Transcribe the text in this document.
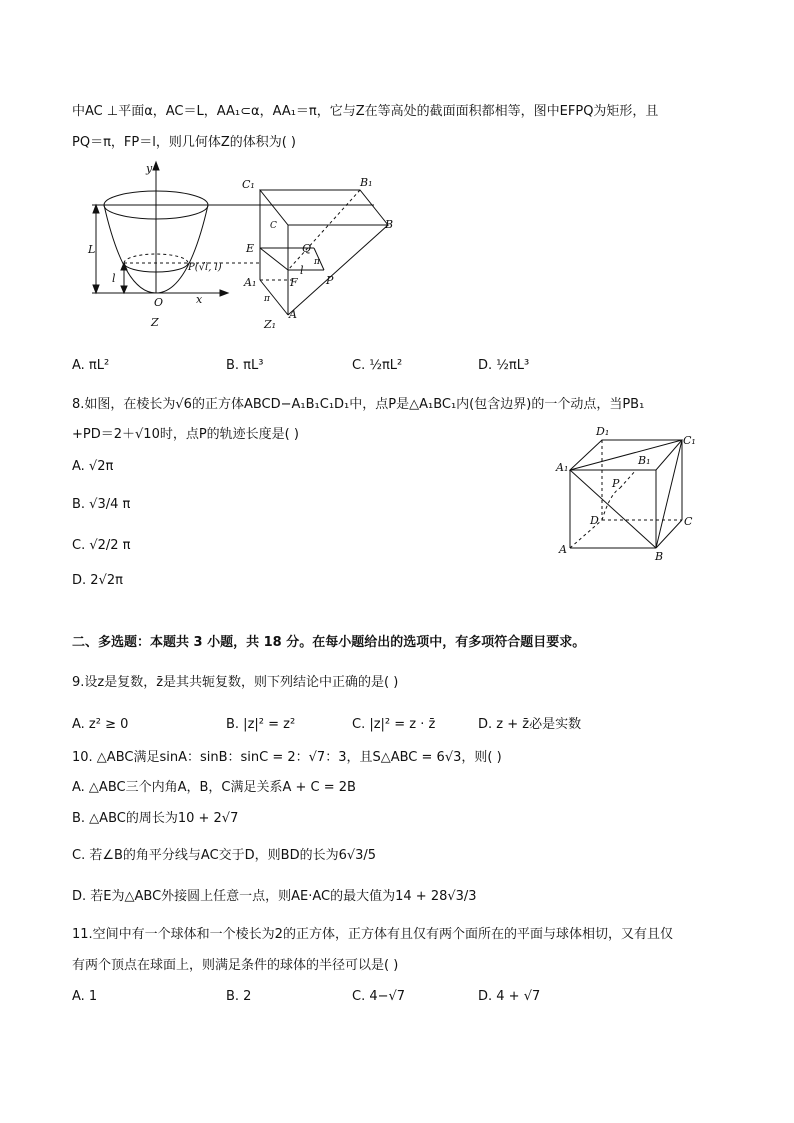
中AC ⊥平面α，AC＝L，AA₁⊂α，AA₁＝π，它与Z在等高处的截面面积都相等，图中EFPQ为矩形，且
PQ＝π，FP＝l，则几何体Z的体积为( )
y
x
O
L
l
P(√l, l)
Z	Z₁
C₁	B₁
C	B
E	Q
π
A₁	F
l
P
π
A
A. πL²	B. πL³	C. ½πL²	D. ½πL³
8.如图，在棱长为√6的正方体ABCD−A₁B₁C₁D₁中，点P是△A₁BC₁内(包含边界)的一个动点，当PB₁
+PD＝2＋√10时，点P的轨迹长度是( )
A. √2π
B. √3/4 π
C. √2/2 π
D. 2√2π
D₁
C₁
A₁
B₁
P
D	C
A
B
二、多选题：本题共 3 小题，共 18 分。在每小题给出的选项中，有多项符合题目要求。
9.设z是复数，z̄是其共轭复数，则下列结论中正确的是( )
A. z² ≥ 0	B. |z|² = z²	C. |z|² = z · z̄	D. z + z̄必是实数
10. △ABC满足sinA：sinB：sinC = 2：√7：3，且S△ABC = 6√3，则( )
A. △ABC三个内角A，B，C满足关系A + C = 2B
B. △ABC的周长为10 + 2√7
C. 若∠B的角平分线与AC交于D，则BD的长为6√3/5
D. 若E为△ABC外接圆上任意一点，则AE·AC的最大值为14 + 28√3/3
11.空间中有一个球体和一个棱长为2的正方体，正方体有且仅有两个面所在的平面与球体相切，又有且仅
有两个顶点在球面上，则满足条件的球体的半径可以是( )
A. 1	B. 2	C. 4−√7	D. 4 + √7
